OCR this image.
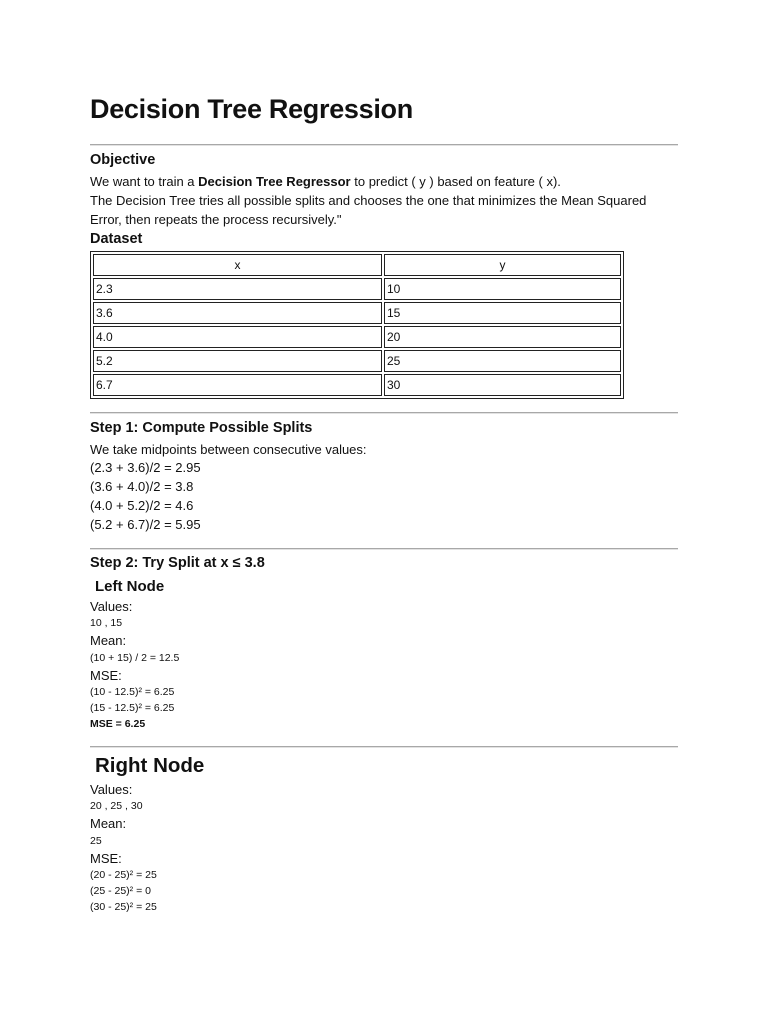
Decision Tree Regression
Objective
We want to train a Decision Tree Regressor to predict ( y ) based on feature ( x).
The Decision Tree tries all possible splits and chooses the one that minimizes the Mean Squared
Error, then repeats the process recursively."
Dataset
x	y
2.3	10
3.6	15
4.0	20
5.2	25
6.7	30
Step 1: Compute Possible Splits
We take midpoints between consecutive values:
(2.3 + 3.6)/2 = 2.95
(3.6 + 4.0)/2 = 3.8
(4.0 + 5.2)/2 = 4.6
(5.2 + 6.7)/2 = 5.95
Step 2: Try Split at x ≤ 3.8
Left Node
Values:
10 , 15
Mean:
(10 + 15) / 2 = 12.5
MSE:
(10 - 12.5)² = 6.25
(15 - 12.5)² = 6.25
MSE = 6.25
Right Node
Values:
20 , 25 , 30
Mean:
25
MSE:
(20 - 25)² = 25
(25 - 25)² = 0
(30 - 25)² = 25
